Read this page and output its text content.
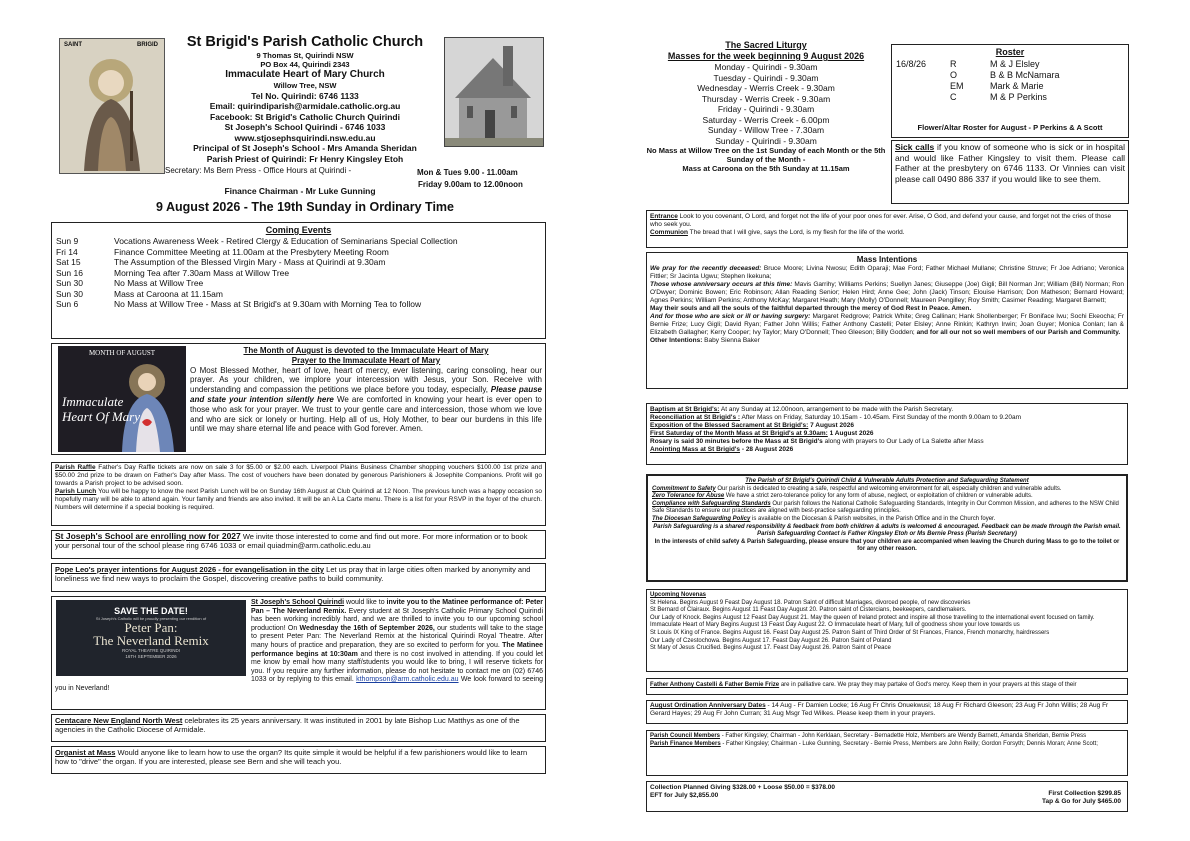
SAINT	BRIGID	St Brigid's Parish Catholic Church
9 Thomas St, Quirindi NSW
PO Box 44, Quirindi 2343
Immaculate Heart of Mary Church
Willow Tree, NSW
Tel No. Quirindi: 6746 1133
Email: quirindiparish@armidale.catholic.org.au
Facebook: St Brigid's Catholic Church Quirindi
St Joseph's School Quirindi - 6746 1033
www.stjosephsquirindi.nsw.edu.au
Principal of St Joseph's School - Mrs Amanda Sheridan
Parish Priest of Quirindi: Fr Henry Kingsley Etoh
Secretary: Ms Bern Press - Office Hours at Quirindi -	Mon & Tues 9.00 - 11.00am
Friday 9.00am to 12.00noon
Finance Chairman - Mr Luke Gunning
9 August 2026 - The 19th Sunday in Ordinary Time
Coming Events
Sun 9	Vocations Awareness Week - Retired Clergy & Education of Seminarians Special Collection
Fri 14	Finance Committee Meeting at 11.00am at the Presbytery Meeting Room
Sat 15	The Assumption of the Blessed Virgin Mary - Mass at Quirindi at 9.30am
Sun 16	Morning Tea after 7.30am Mass at Willow Tree
Sun 30	No Mass at Willow Tree
Sun 30	Mass at Caroona at 11.15am
Sun 6	No Mass at Willow Tree - Mass at St Brigid's at 9.30am with Morning Tea to follow
MONTH OF AUGUST
Immaculate
Heart Of Mary
The Month of August is devoted to the Immaculate Heart of Mary
Prayer to the Immaculate Heart of Mary

O Most Blessed Mother, heart of love, heart of mercy, ever listening, caring consoling, hear our prayer. As your children, we implore your intercession with Jesus, your Son. Receive with understanding and compassion the petitions we place before you today, especially, Please pause and state your intention silently here We are comforted in knowing your heart is ever open to those who ask for your prayer. We trust to your gentle care and intercession, those whom we love and who are sick or lonely or hurting. Help all of us, Holy Mother, to bear our burdens in this life until we may share eternal life and peace with God forever. Amen.

Parish Raffle Father's Day Raffle tickets are now on sale 3 for $5.00 or $2.00 each. Liverpool Plains Business Chamber shopping vouchers $100.00 1st prize and $50.00 2nd prize to be drawn on Father's Day after Mass. The cost of vouchers have been donated by generous Parishioners & Josephite Companions. Profit will go towards a Parish project to be advised soon.

Parish Lunch You will be happy to know the next Parish Lunch will be on Sunday 16th August at Club Quirindi at 12 Noon. The previous lunch was a happy occasion so hopefully many will be able to attend again. Your family and friends are also invited. It will be an A La Carte menu. There is a list for your RSVP in the foyer of the church. Numbers will determine if a special booking is required.

St Joseph's School are enrolling now for 2027 We invite those interested to come and find out more. For more information or to book your personal tour of the school please ring 6746 1033 or email quiadmin@arm.catholic.edu.au
Pope Leo's prayer intentions for August 2026 - for evangelisation in the city Let us pray that in large cities often marked by anonymity and loneliness we find new ways to proclaim the Gospel, discovering creative paths to build community.
SAVE THE DATE!
St Joseph's Catholic will be proudly presenting our rendition of
Peter Pan:
The Neverland Remix
ROYAL THEATRE QUIRINDI
16TH SEPTEMBER 2026
St Joseph's School Quirindi would like to invite you to the Matinee performance of: Peter Pan – The Neverland Remix. Every student at St Joseph's Catholic Primary School Quirindi has been working incredibly hard, and we are thrilled to invite you to our upcoming school production! On Wednesday the 16th of September 2026, our students will take to the stage to present Peter Pan: The Neverland Remix at the historical Quirindi Royal Theatre. After many hours of practice and preparation, they are so excited to perform for you. The Matinee performance begins at 10:30am and there is no cost involved in attending. If you could let me know by email how many staff/students you would like to bring, I will reserve tickets for you. If you require any further information, please do not hesitate to contact me on (02) 6746 1033 or by replying to this email. kthompson@arm.catholic.edu.au We look forward to seeing you in Neverland!
Centacare New England North West celebrates its 25 years anniversary. It was instituted in 2001 by late Bishop Luc Matthys as one of the agencies in the Catholic Diocese of Armidale.
Organist at Mass Would anyone like to learn how to use the organ? Its quite simple it would be helpful if a few parishioners would like to learn how to "drive" the organ. If you are interested, please see Bern and she will teach you.
The Sacred Liturgy
Masses for the week beginning 9 August 2026
Monday - Quirindi - 9.30am
Tuesday - Quirindi - 9.30am
Wednesday - Werris Creek - 9.30am
Thursday - Werris Creek - 9.30am
Friday - Quirindi - 9.30am
Saturday - Werris Creek - 6.00pm
Sunday - Willow Tree - 7.30am
Sunday - Quirindi - 9.30am
No Mass at Willow Tree on the 1st Sunday of each Month or the 5th Sunday of the Month -
Mass at Caroona on the 5th Sunday at 11.15am
Roster
16/8/26	R	M & J Elsley
O	B & B McNamara
EM	Mark & Marie
C	M & P Perkins
Flower/Altar Roster for August - P Perkins & A Scott
Sick calls if you know of someone who is sick or in hospital and would like Father Kingsley to visit them. Please call Father at the presbytery on 6746 1133. Or Vinnies can visit please call 0490 886 337 if you would like to see them.

Entrance Look to you covenant, O Lord, and forget not the life of your poor ones for ever. Arise, O God, and defend your cause, and forget not the cries of those who seek you.

Communion The bread that I will give, says the Lord, is my flesh for the life of the world.

Mass Intentions

We pray for the recently deceased: Bruce Moore; Livina Nwosu; Edith Oparaji; Mae Ford; Father Michael Mullane; Christine Struve; Fr Joe Adriano; Veronica Fittler; Sr Jacinta Ugwu; Stephen Ikekuna;

Those whose anniversary occurs at this time: Mavis Garrihy; Williams Perkins; Suellyn Janes; Giuseppe (Joe) Gigli; Bill Norman Jnr; William (Bill) Norman; Ron O'Dwyer; Dominic Bowen; Eric Robinson; Allan Reading Senior; Helen Hird; Anne Gee; John (Jack) Tinson; Elouise Harrison; Don Matheson; Bernard Howard; Agnes Perkins; William Perkins; Anthony McKay; Margaret Heath; Mary (Molly) O'Donnell; Maureen Pengilley; Roy Smith; Casimer Reading; Margaret Barnett;

May their souls and all the souls of the faithful departed through the mercy of God Rest In Peace. Amen.

And for those who are sick or ill or having surgery: Margaret Redgrove; Patrick White; Greg Callinan; Hank Shollenberger; Fr Boniface Iwu; Sochi Ekeocha; Fr Bernie Frize; Lucy Gigli; David Ryan; Father John Willis; Father Anthony Castelli; Peter Elsley; Anne Rinkin; Kathryn Irwin; Joan Guyer; Monica Conlan; Ian & Elizabeth Gallagher; Kerry Cooper; Ivy Taylor; Mary O'Donnell; Theo Gleeson; Billy Godden; and for all our not so well members of our Parish and Community.

Other Intentions: Baby Sienna Baker

Baptism at St Brigid's: At any Sunday at 12.00noon, arrangement to be made with the Parish Secretary.

Reconciliation at St Brigid's : After Mass on Friday, Saturday 10.15am - 10.45am. First Sunday of the month 9.00am to 9.20am

Exposition of the Blessed Sacrament at St Brigid's: 7 August 2026

First Saturday of the Month Mass at St Brigid's at 9.30am: 1 August 2026

Rosary is said 30 minutes before the Mass at St Brigid's along with prayers to Our Lady of La Salette after Mass

Anointing Mass at St Brigid's - 28 August 2026

The Parish of St Brigid's Quirindi Child & Vulnerable Adults Protection and Safeguarding Statement

Commitment to Safety Our parish is dedicated to creating a safe, respectful and welcoming environment for all, especially children and vulnerable adults.

Zero Tolerance for Abuse We have a strict zero-tolerance policy for any form of abuse, neglect, or exploitation of children or vulnerable adults.

Compliance with Safeguarding Standards Our parish follows the National Catholic Safeguarding Standards, Integrity in Our Common Mission, and adheres to the NSW Child Safe Standards to ensure our practices are aligned with best-practice safeguarding principles.

The Diocesan Safeguarding Policy is available on the Diocesan & Parish websites, in the Parish Office and in the Church foyer.

Parish Safeguarding is a shared responsibility & feedback from both children & adults is welcomed & encouraged. Feedback can be made through the Parish email.

Parish Safeguarding Contact is Father Kingsley Etoh or Ms Bernie Press (Parish Secretary)

In the interests of child safety & Parish Safeguarding, please ensure that your children are accompanied when leaving the Church during Mass to go to the toilet or for any other reason.

Upcoming Novenas
St Helena. Begins August 9 Feast Day August 18. Patron Saint of difficult Marriages, divorced people, of new discoveries
St Bernard of Clairaux. Begins August 11 Feast Day August 20. Patron saint of Cistercians, beekeepers, candlemakers.
Our Lady of Knock. Begins August 12 Feast Day August 21. May the queen of Ireland protect and inspire all those travelling to the international event focused on family.
Immaculate Heart of Mary Begins August 13 Feast Day August 22. O Immaculate heart of Mary, full of goodness show your love towards us
St Louis IX King of France. Begins August 16. Feast Day August 25. Patron Saint of Third Order of St Frances, France, French monarchy, hairdressers
Our Lady of Czestochowa. Begins August 17. Feast Day August 26. Patron Saint of Poland
St Mary of Jesus Crucified. Begins August 17. Feast Day August 26. Patron Saint of Peace
Father Anthony Castelli & Father Bernie Frize are in palliative care. We pray they may partake of God's mercy. Keep them in your prayers at this stage of their
August Ordination Anniversary Dates - 14 Aug - Fr Damien Locke; 16 Aug Fr Chris Onuekwusi; 18 Aug Fr Richard Gleeson; 23 Aug Fr John Willis; 28 Aug Fr Gerard Hayes; 29 Aug Fr John Curran; 31 Aug Msgr Ted Wilkes. Please keep them in your prayers.

Parish Council Members - Father Kingsley; Chairman - John Kerklaan, Secretary - Bernadette Holz, Members are Wendy Barnett, Amanda Sheridan, Bernie Press

Parish Finance Members - Father Kingsley; Chairman - Luke Gunning, Secretary - Bernie Press, Members are John Reilly; Gordon Forsyth; Dennis Moran; Anne Scott;

Collection Planned Giving $328.00 + Loose $50.00 = $378.00
EFT for July $2,855.00	First Collection $299.85
Tap & Go for July $465.00
